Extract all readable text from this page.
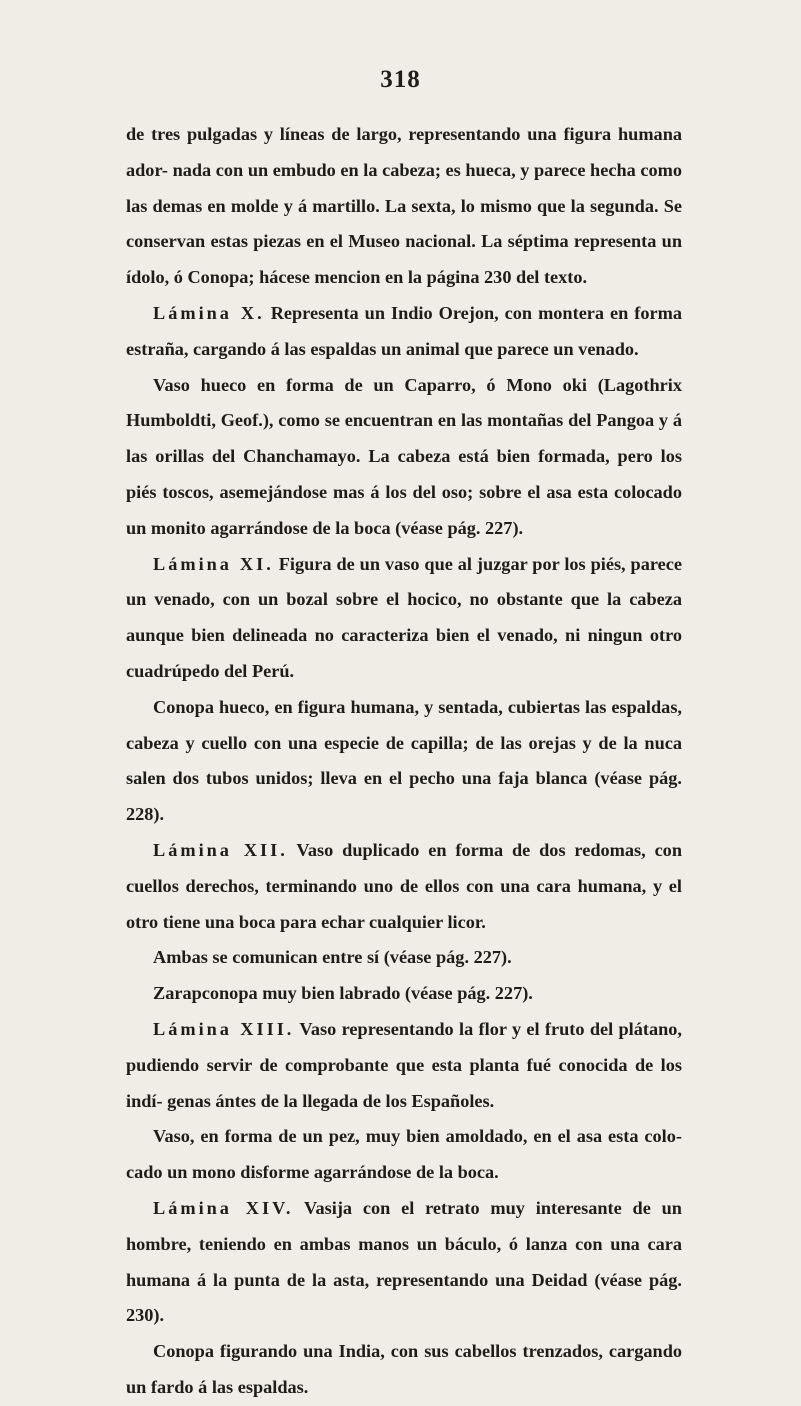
318

de tres pulgadas y líneas de largo, representando una figura humana ador- nada con un embudo en la cabeza; es hueca, y parece hecha como las demas en molde y á martillo. La sexta, lo mismo que la segunda. Se conservan estas piezas en el Museo nacional. La séptima representa un ídolo, ó Conopa; hácese mencion en la página 230 del texto.

Lámina X. Representa un Indio Orejon, con montera en forma estraña, cargando á las espaldas un animal que parece un venado.

Vaso hueco en forma de un Caparro, ó Mono oki (Lagothrix Humboldti, Geof.), como se encuentran en las montañas del Pangoa y á las orillas del Chanchamayo. La cabeza está bien formada, pero los piés toscos, asemejándose mas á los del oso; sobre el asa esta colocado un monito agarrándose de la boca (véase pág. 227).

Lámina XI. Figura de un vaso que al juzgar por los piés, parece un venado, con un bozal sobre el hocico, no obstante que la cabeza aunque bien delineada no caracteriza bien el venado, ni ningun otro cuadrúpedo del Perú.

Conopa hueco, en figura humana, y sentada, cubiertas las espaldas, cabeza y cuello con una especie de capilla; de las orejas y de la nuca salen dos tubos unidos; lleva en el pecho una faja blanca (véase pág. 228).

Lámina XII. Vaso duplicado en forma de dos redomas, con cuellos derechos, terminando uno de ellos con una cara humana, y el otro tiene una boca para echar cualquier licor.

Ambas se comunican entre sí (véase pág. 227).

Zarapconopa muy bien labrado (véase pág. 227).

Lámina XIII. Vaso representando la flor y el fruto del plátano, pudiendo servir de comprobante que esta planta fué conocida de los indí- genas ántes de la llegada de los Españoles.

Vaso, en forma de un pez, muy bien amoldado, en el asa esta colo- cado un mono disforme agarrándose de la boca.

Lámina XIV. Vasija con el retrato muy interesante de un hombre, teniendo en ambas manos un báculo, ó lanza con una cara humana á la punta de la asta, representando una Deidad (véase pág. 230).

Conopa figurando una India, con sus cabellos trenzados, cargando un fardo á las espaldas.
